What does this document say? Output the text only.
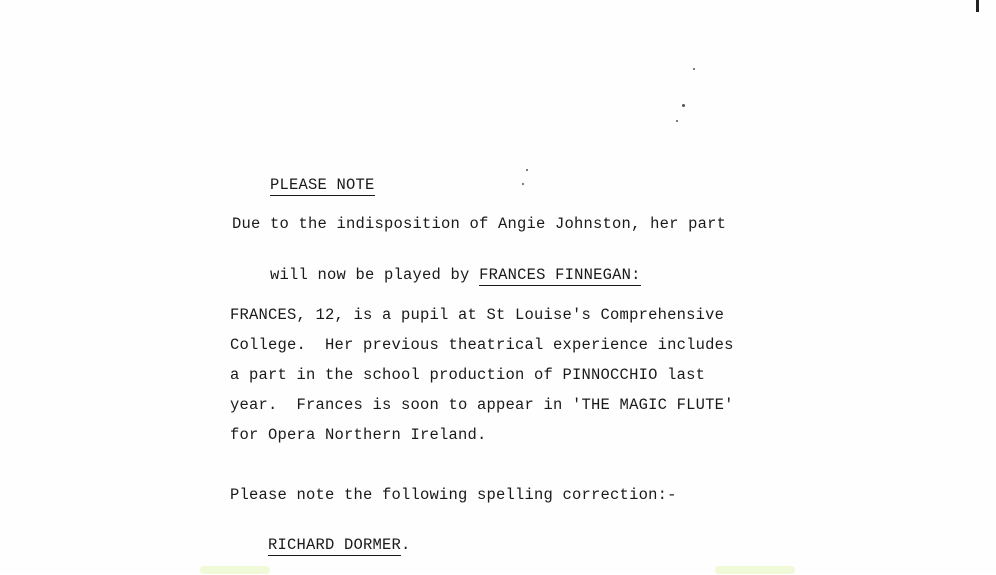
PLEASE NOTE

Due to the indisposition of Angie Johnston, her part

will now be played by FRANCES FINNEGAN:

FRANCES, 12, is a pupil at St Louise's Comprehensive
College.  Her previous theatrical experience includes
a part in the school production of PINNOCCHIO last
year.  Frances is soon to appear in 'THE MAGIC FLUTE'
for Opera Northern Ireland.
Please note the following spelling correction:-

RICHARD DORMER.
